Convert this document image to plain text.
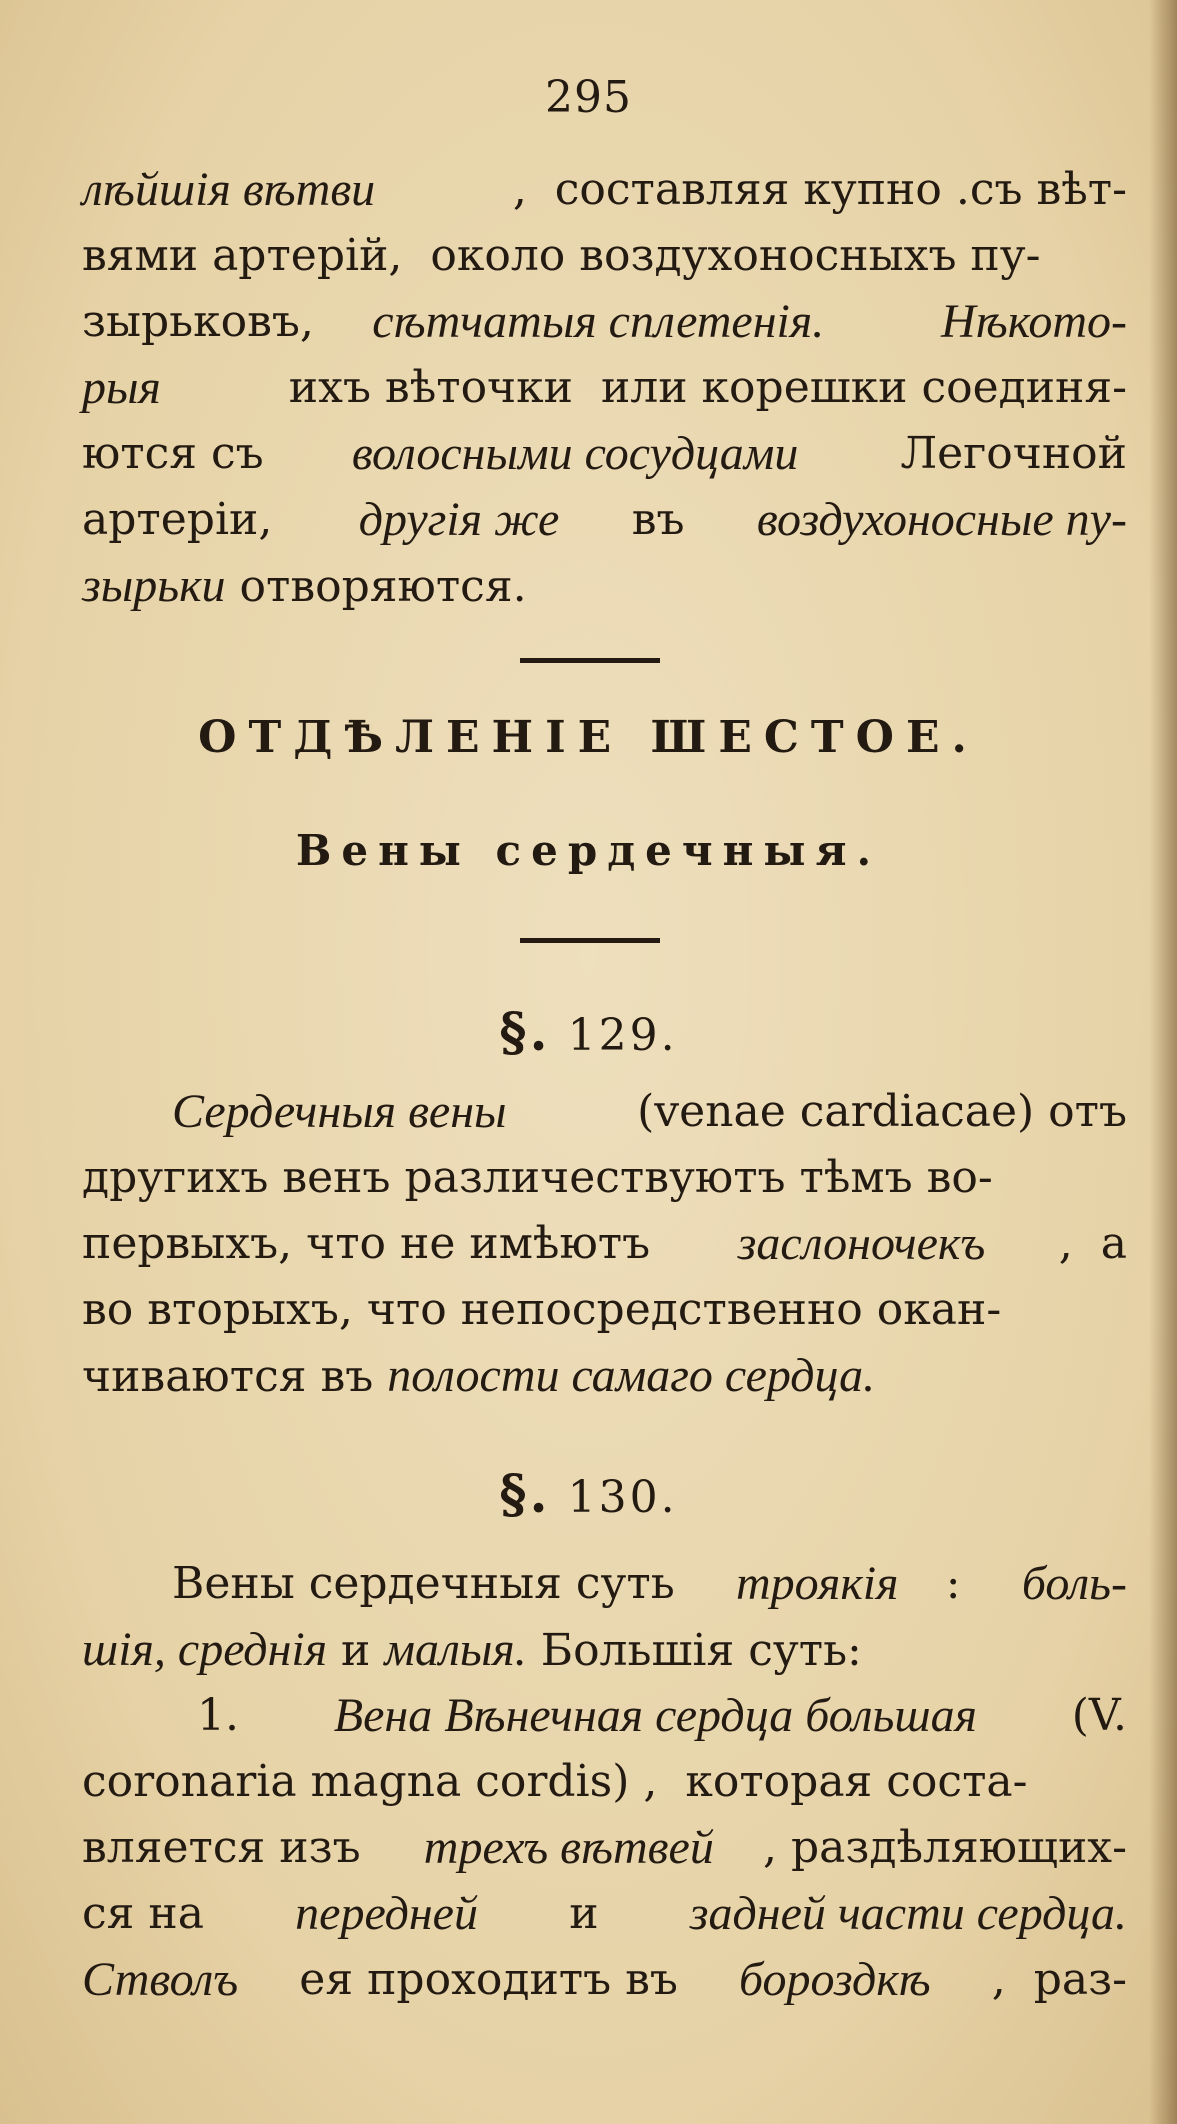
295
лѣйшія вѣтви	,  составляя купно .съ вѣт-
вями артерій,  около воздухоносныхъ пу-
зырьковъ, сѣтчатыя сплетенія.
Нѣкото-
рыя	ихъ вѣточки  или корешки соединя-
ются съ волосными сосудцами Легочной
артеріи, другія же въ воздухоносные пу-
зырьки отворяются.
ОТДѢЛЕНІЕ ШЕСТОЕ.
Вены сердечныя.
§. 129.
Сердечныя вены	(venae cardiacae) отъ
другихъ венъ различествуютъ тѣмъ во-
первыхъ, что не имѣютъ заслоночекъ ,  а
во вторыхъ, что непосредственно окан-
чиваются въ полости самаго сердца.
§. 130.
Вены сердечныя суть троякія : боль-
шія, среднія и малыя. Большія суть:
1. Вена Вѣнечная сердца большая (V.
coronaria magna cordis) ,  которая соста-
вляется изъ трехъ вѣтвей , раздѣляющих-
ся на передней и задней части сердца.
Стволъ ея проходитъ въ бороздкѣ ,  раз-
